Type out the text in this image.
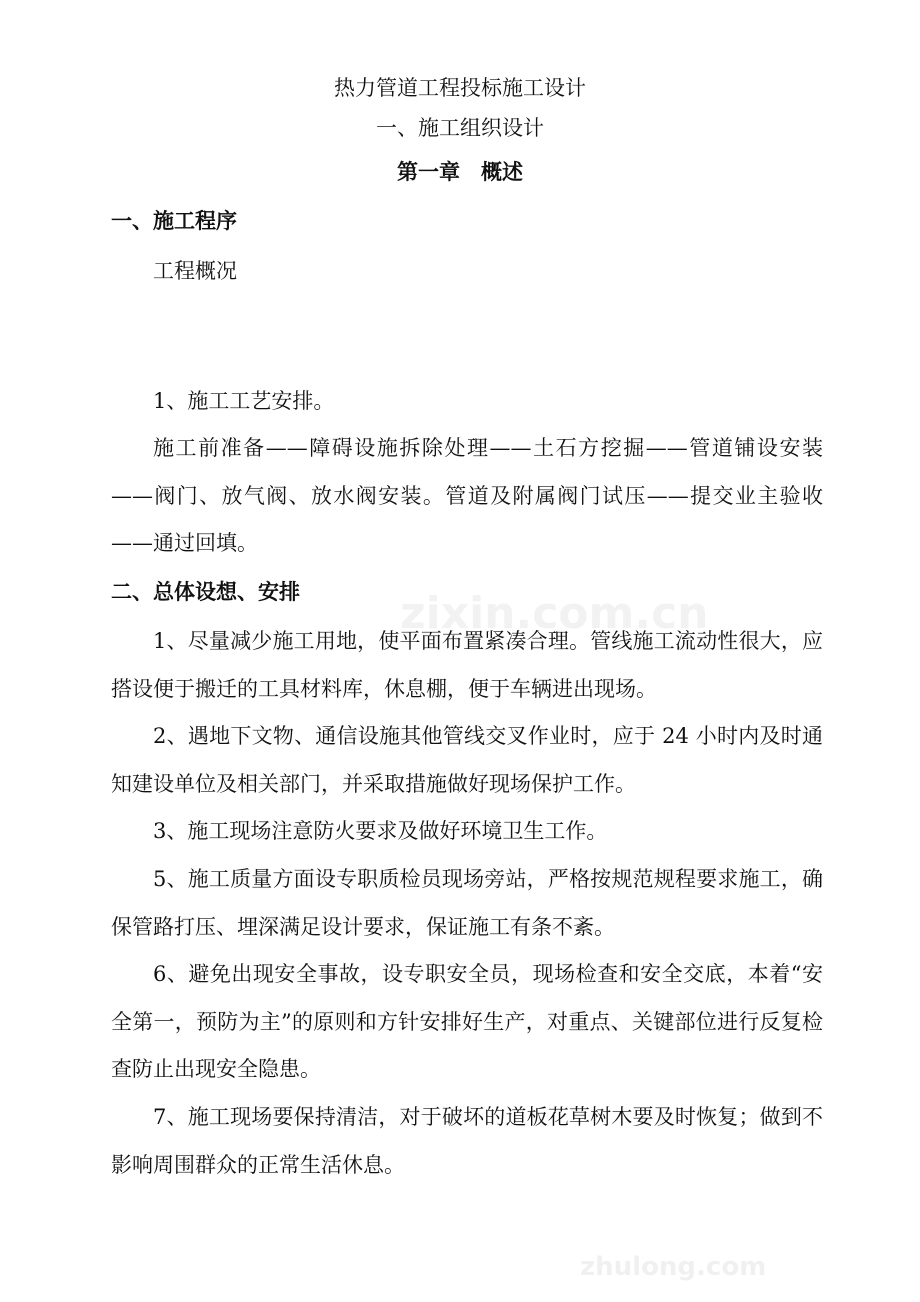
热力管道工程投标施工设计
一、施工组织设计
第一章　概述
一、施工程序
工程概况
1、施工工艺安排。
施工前准备——障碍设施拆除处理——土石方挖掘——管道铺设安装——阀门、放气阀、放水阀安装。管道及附属阀门试压——提交业主验收——通过回填。
二、总体设想、安排
1、尽量减少施工用地，使平面布置紧凑合理。管线施工流动性很大，应搭设便于搬迁的工具材料库，休息棚，便于车辆进出现场。
2、遇地下文物、通信设施其他管线交叉作业时，应于 24 小时内及时通知建设单位及相关部门，并采取措施做好现场保护工作。
3、施工现场注意防火要求及做好环境卫生工作。
5、施工质量方面设专职质检员现场旁站，严格按规范规程要求施工，确保管路打压、埋深满足设计要求，保证施工有条不紊。
6、避免出现安全事故，设专职安全员，现场检查和安全交底，本着“安全第一，预防为主”的原则和方针安排好生产，对重点、关键部位进行反复检查防止出现安全隐患。
7、施工现场要保持清洁，对于破坏的道板花草树木要及时恢复；做到不影响周围群众的正常生活休息。
zixin.com.cn
zhulong.com
